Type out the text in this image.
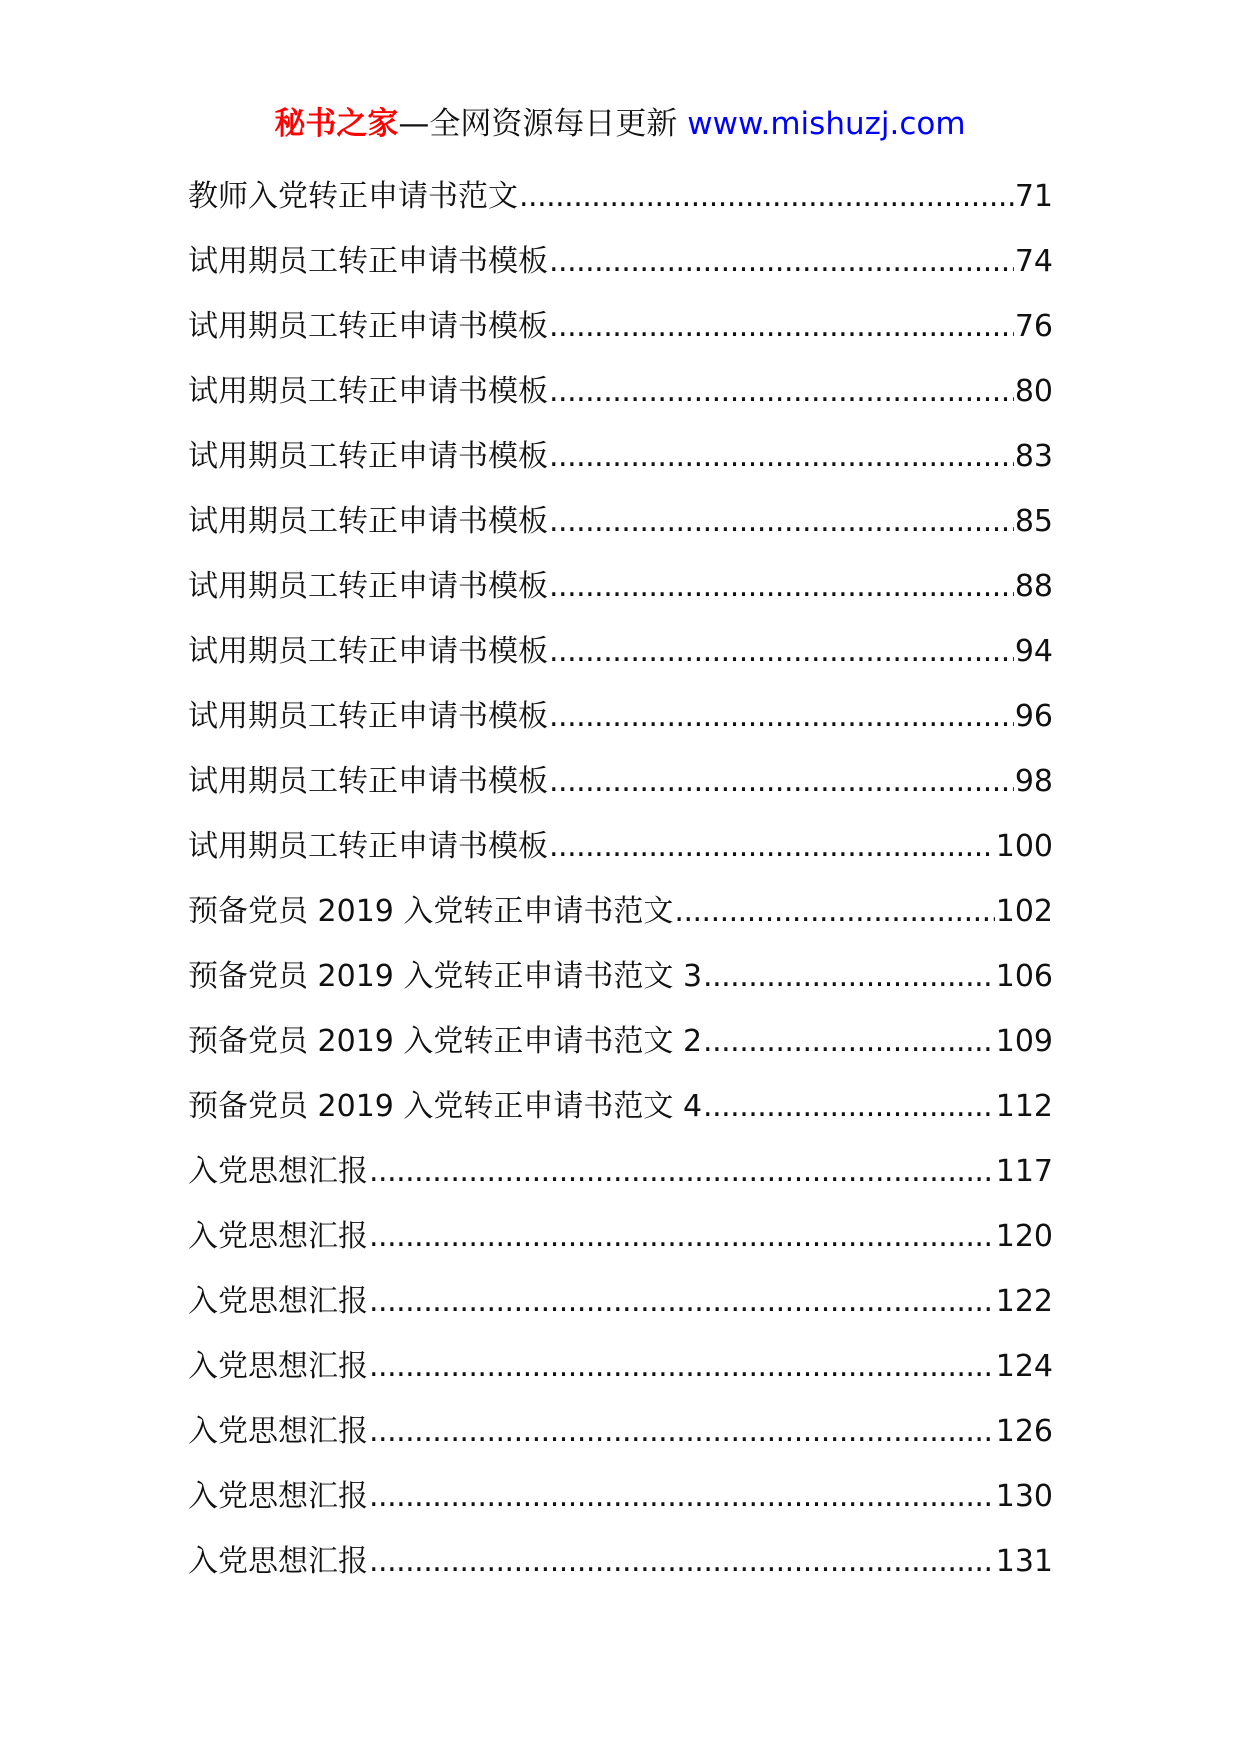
秘书之家—全网资源每日更新 www.mishuzj.com
教师入党转正申请书范文 .....	71
试用期员工转正申请书模板 .....	74
试用期员工转正申请书模板 .....	76
试用期员工转正申请书模板 .....	80
试用期员工转正申请书模板 .....	83
试用期员工转正申请书模板 .....	85
试用期员工转正申请书模板 .....	88
试用期员工转正申请书模板 .....	94
试用期员工转正申请书模板 .....	96
试用期员工转正申请书模板 .....	98
试用期员工转正申请书模板 .....	100
预备党员 2019 入党转正申请书范文 .....	102
预备党员 2019 入党转正申请书范文 3 .....	106
预备党员 2019 入党转正申请书范文 2 .....	109
预备党员 2019 入党转正申请书范文 4 .....	112
入党思想汇报 .....	117
入党思想汇报 .....	120
入党思想汇报 .....	122
入党思想汇报 .....	124
入党思想汇报 .....	126
入党思想汇报 .....	130
入党思想汇报 .....	131
